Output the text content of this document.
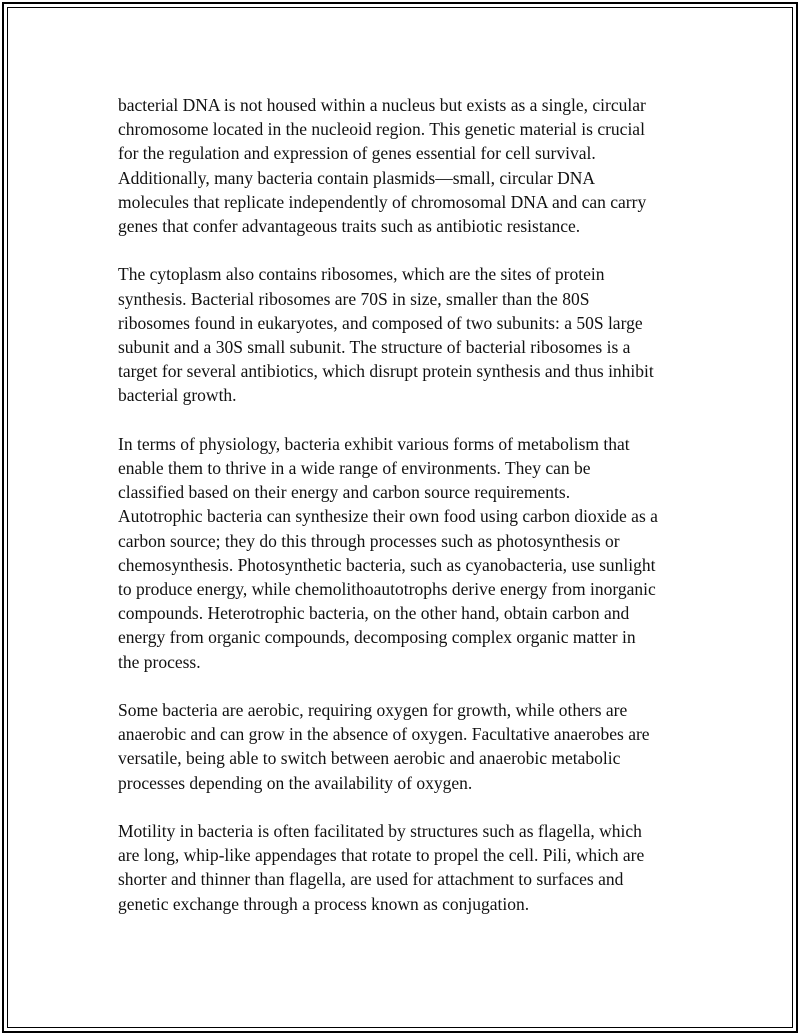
bacterial DNA is not housed within a nucleus but exists as a single, circular
chromosome located in the nucleoid region. This genetic material is crucial
for the regulation and expression of genes essential for cell survival.
Additionally, many bacteria contain plasmids—small, circular DNA
molecules that replicate independently of chromosomal DNA and can carry
genes that confer advantageous traits such as antibiotic resistance.

The cytoplasm also contains ribosomes, which are the sites of protein
synthesis. Bacterial ribosomes are 70S in size, smaller than the 80S
ribosomes found in eukaryotes, and composed of two subunits: a 50S large
subunit and a 30S small subunit. The structure of bacterial ribosomes is a
target for several antibiotics, which disrupt protein synthesis and thus inhibit
bacterial growth.

In terms of physiology, bacteria exhibit various forms of metabolism that
enable them to thrive in a wide range of environments. They can be
classified based on their energy and carbon source requirements.
Autotrophic bacteria can synthesize their own food using carbon dioxide as a
carbon source; they do this through processes such as photosynthesis or
chemosynthesis. Photosynthetic bacteria, such as cyanobacteria, use sunlight
to produce energy, while chemolithoautotrophs derive energy from inorganic
compounds. Heterotrophic bacteria, on the other hand, obtain carbon and
energy from organic compounds, decomposing complex organic matter in
the process.

Some bacteria are aerobic, requiring oxygen for growth, while others are
anaerobic and can grow in the absence of oxygen. Facultative anaerobes are
versatile, being able to switch between aerobic and anaerobic metabolic
processes depending on the availability of oxygen.

Motility in bacteria is often facilitated by structures such as flagella, which
are long, whip-like appendages that rotate to propel the cell. Pili, which are
shorter and thinner than flagella, are used for attachment to surfaces and
genetic exchange through a process known as conjugation.
